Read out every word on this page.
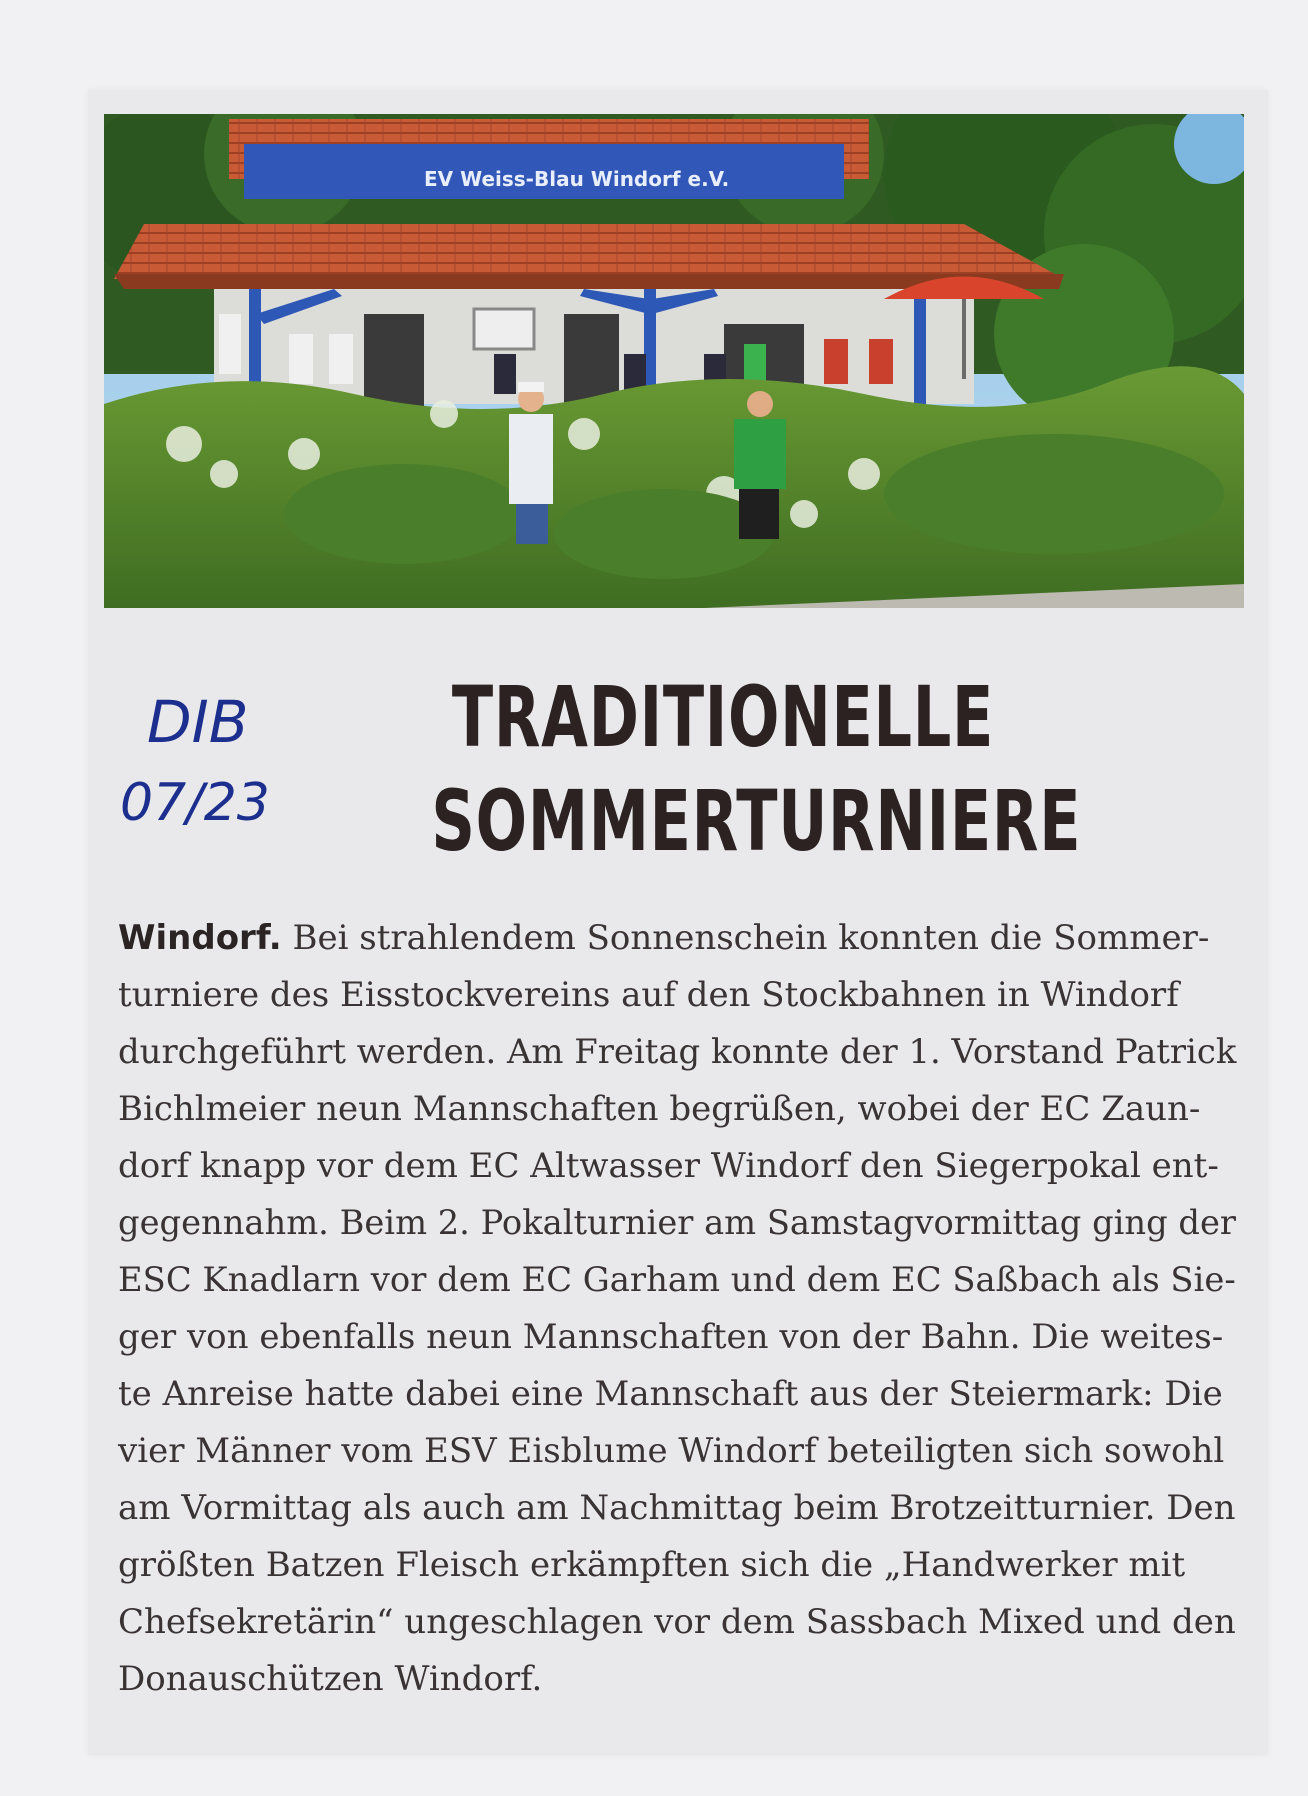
EV Weiss-Blau Windorf e.V.
DIB
07/23
TRADITIONELLE
SOMMERTURNIERE
Windorf. Bei strahlendem Sonnenschein konnten die Sommer-
turniere des Eisstockvereins auf den Stockbahnen in Windorf
durchgeführt werden. Am Freitag konnte der 1. Vorstand Patrick
Bichlmeier neun Mannschaften begrüßen, wobei der EC Zaun-
dorf knapp vor dem EC Altwasser Windorf den Siegerpokal ent-
gegennahm. Beim 2. Pokalturnier am Samstagvormittag ging der
ESC Knadlarn vor dem EC Garham und dem EC Saßbach als Sie-
ger von ebenfalls neun Mannschaften von der Bahn. Die weites-
te Anreise hatte dabei eine Mannschaft aus der Steiermark: Die
vier Männer vom ESV Eisblume Windorf beteiligten sich sowohl
am Vormittag als auch am Nachmittag beim Brotzeitturnier. Den
größten Batzen Fleisch erkämpften sich die „Handwerker mit
Chefsekretärin“ ungeschlagen vor dem Sassbach Mixed und den
Donauschützen Windorf.
